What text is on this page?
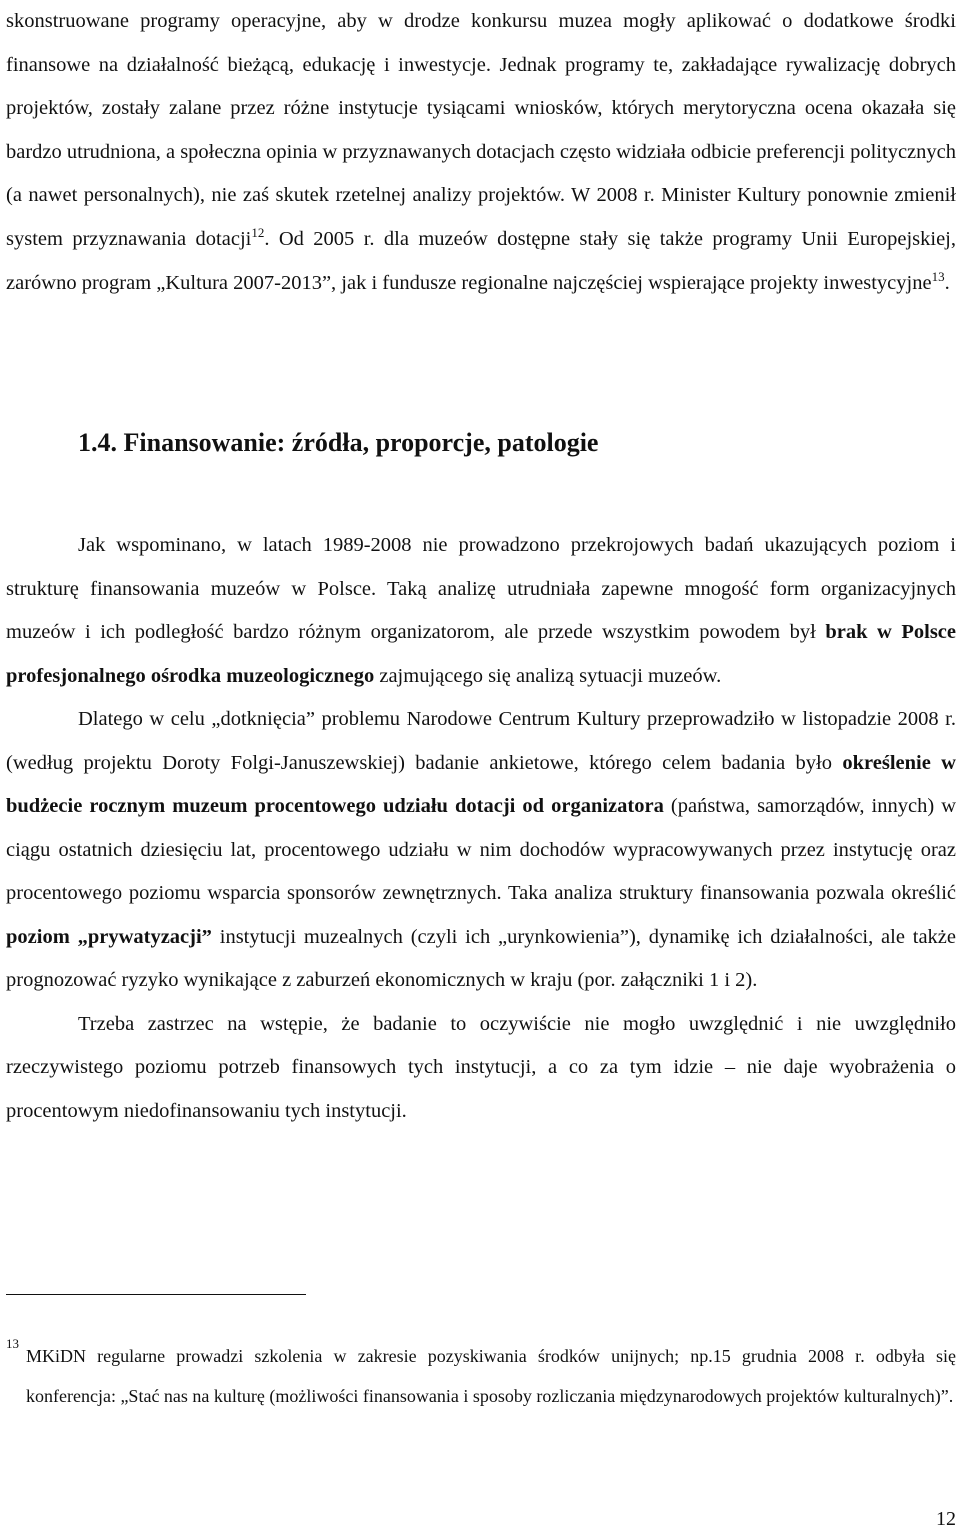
skonstruowane programy operacyjne, aby w drodze konkursu muzea mogły aplikować o dodatkowe środki finansowe na działalność bieżącą, edukację i inwestycje. Jednak programy te, zakładające rywalizację dobrych projektów, zostały zalane przez różne instytucje tysiącami wniosków, których merytoryczna ocena okazała się bardzo utrudniona, a społeczna opinia w przyznawanych dotacjach często widziała odbicie preferencji politycznych (a nawet personalnych), nie zaś skutek rzetelnej analizy projektów. W 2008 r. Minister Kultury ponownie zmienił system przyznawania dotacji$^{12}$. Od 2005 r. dla muzeów dostępne stały się także programy Unii Europejskiej, zarówno program „Kultura 2007-2013”, jak i fundusze regionalne najczęściej wspierające projekty inwestycyjne$^{13}$.

1.4. Finansowanie: źródła, proporcje, patologie

Jak wspominano, w latach 1989-2008 nie prowadzono przekrojowych badań ukazujących poziom i strukturę finansowania muzeów w Polsce. Taką analizę utrudniała zapewne mnogość form organizacyjnych muzeów i ich podległość bardzo różnym organizatorom, ale przede wszystkim powodem był brak w Polsce profesjonalnego ośrodka muzeologicznego zajmującego się analizą sytuacji muzeów.

Dlatego w celu „dotknięcia” problemu Narodowe Centrum Kultury przeprowadziło w listopadzie 2008 r. (według projektu Doroty Folgi-Januszewskiej) badanie ankietowe, którego celem badania było określenie w budżecie rocznym muzeum procentowego udziału dotacji od organizatora (państwa, samorządów, innych) w ciągu ostatnich dziesięciu lat, procentowego udziału w nim dochodów wypracowywanych przez instytucję oraz procentowego poziomu wsparcia sponsorów zewnętrznych. Taka analiza struktury finansowania pozwala określić poziom „prywatyzacji” instytucji muzealnych (czyli ich „urynkowienia”), dynamikę ich działalności, ale także prognozować ryzyko wynikające z zaburzeń ekonomicznych w kraju (por. załączniki 1 i 2).

Trzeba zastrzec na wstępie, że badanie to oczywiście nie mogło uwzględnić i nie uwzględniło rzeczywistego poziomu potrzeb finansowych tych instytucji, a co za tym idzie – nie daje wyobrażenia o procentowym niedofinansowaniu tych instytucji.

13

MKiDN regularne prowadzi szkolenia w zakresie pozyskiwania środków unijnych; np.15 grudnia 2008 r. odbyła się konferencja: „Stać nas na kulturę (możliwości finansowania i sposoby rozliczania międzynarodowych projektów kulturalnych)”.

12
